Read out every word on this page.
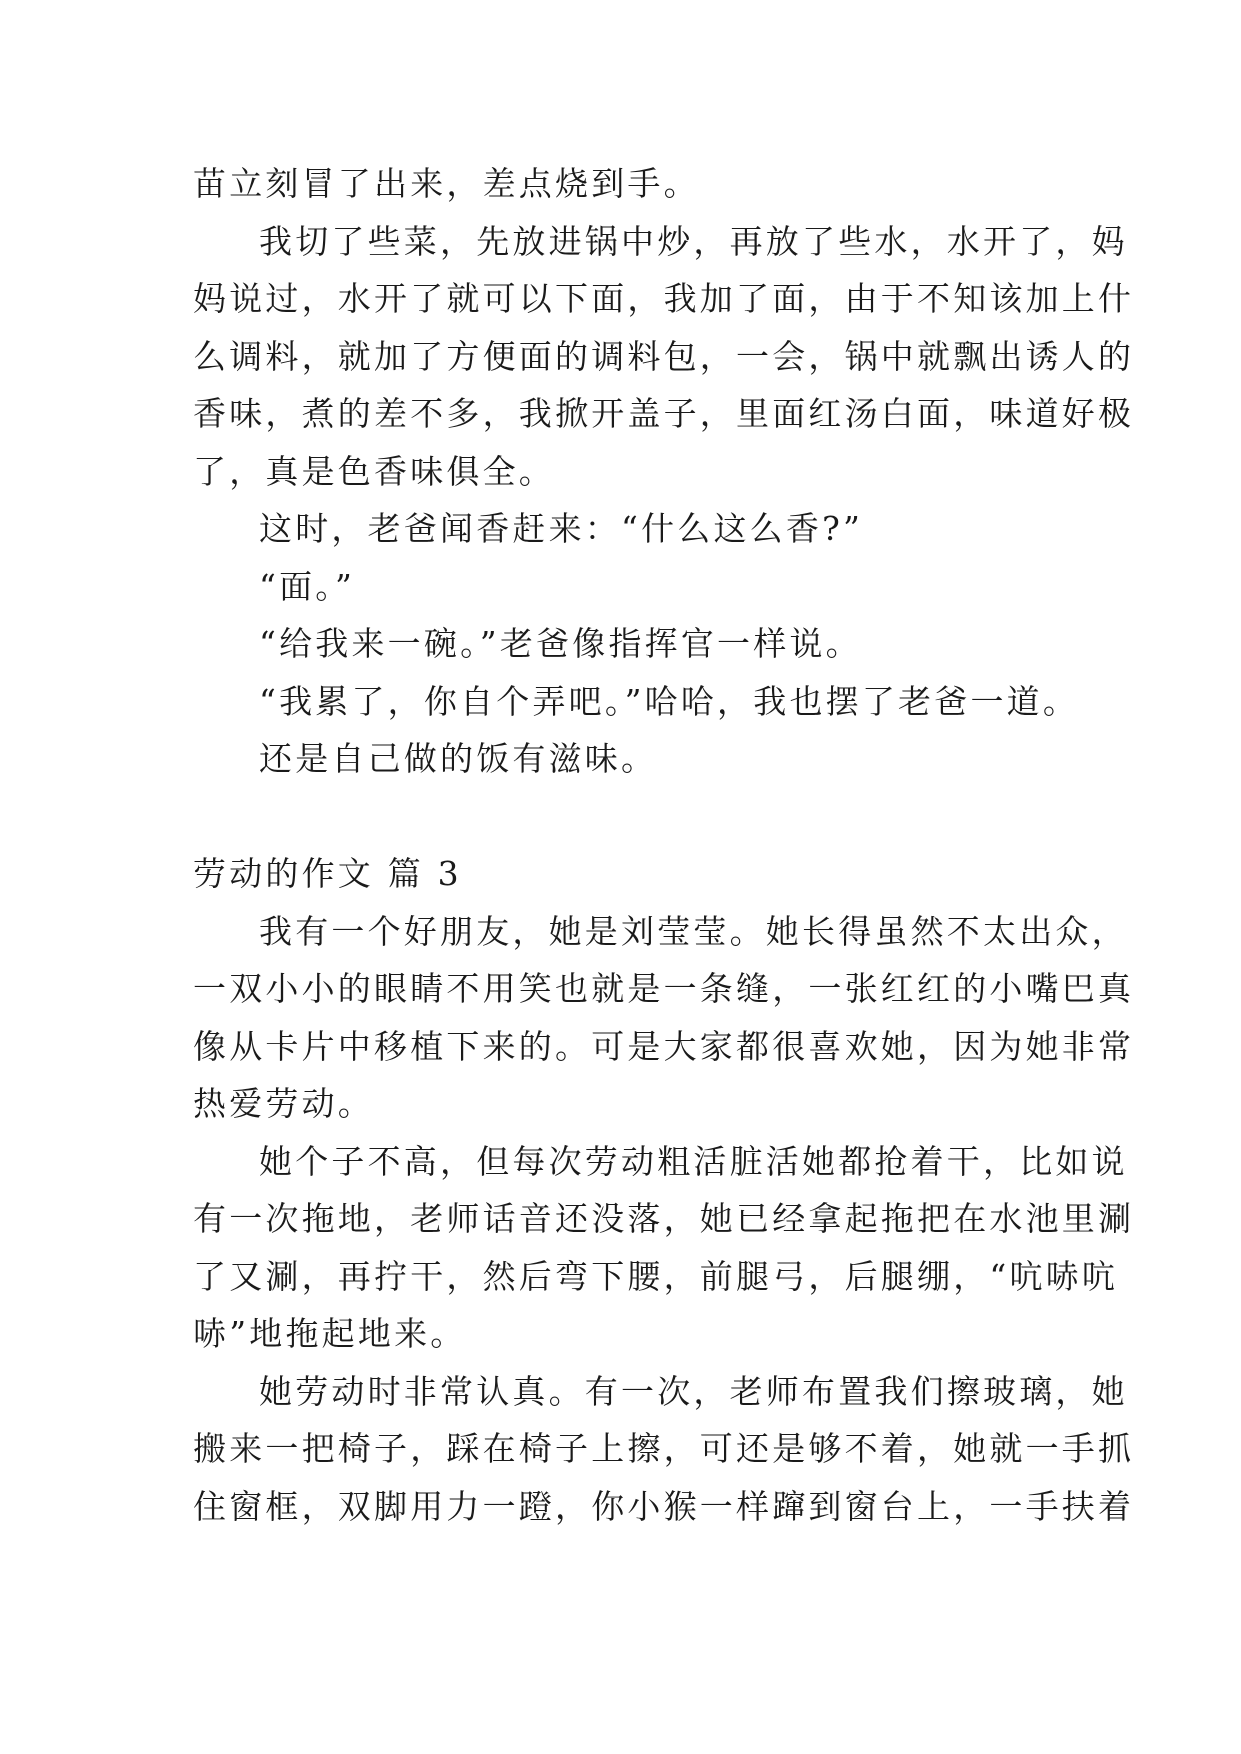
苗立刻冒了出来，差点烧到手。
我切了些菜，先放进锅中炒，再放了些水，水开了，妈
妈说过，水开了就可以下面，我加了面，由于不知该加上什
么调料，就加了方便面的调料包，一会，锅中就飘出诱人的
香味，煮的差不多，我掀开盖子，里面红汤白面，味道好极
了，真是色香味俱全。
这时，老爸闻香赶来：“什么这么香?”
“面。”
“给我来一碗。”老爸像指挥官一样说。
“我累了，你自个弄吧。”哈哈，我也摆了老爸一道。
还是自己做的饭有滋味。
劳动的作文 篇 3
我有一个好朋友，她是刘莹莹。她长得虽然不太出众，
一双小小的眼睛不用笑也就是一条缝，一张红红的小嘴巴真
像从卡片中移植下来的。可是大家都很喜欢她，因为她非常
热爱劳动。
她个子不高，但每次劳动粗活脏活她都抢着干，比如说
有一次拖地，老师话音还没落，她已经拿起拖把在水池里涮
了又涮，再拧干，然后弯下腰，前腿弓，后腿绷，“吭哧吭
哧”地拖起地来。
她劳动时非常认真。有一次，老师布置我们擦玻璃，她
搬来一把椅子，踩在椅子上擦，可还是够不着，她就一手抓
住窗框，双脚用力一蹬，你小猴一样蹿到窗台上，一手扶着
